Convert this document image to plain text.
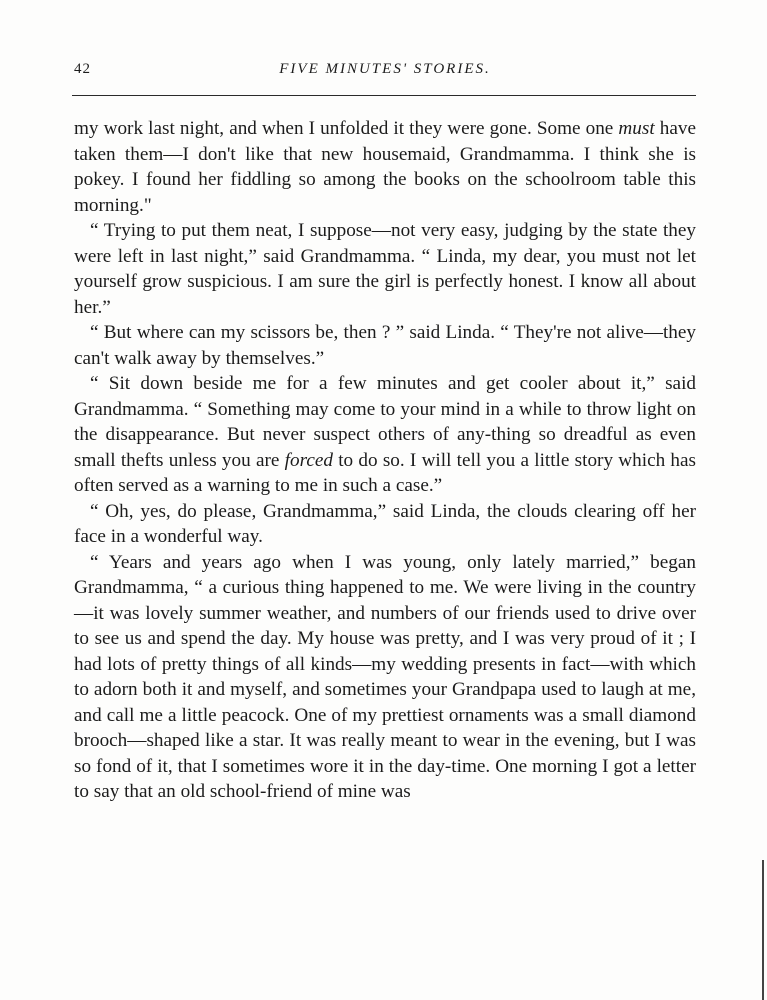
42	FIVE MINUTES' STORIES.

my work last night, and when I unfolded it they were gone. Some one must have taken them—I don't like that new housemaid, Grandmamma. I think she is pokey. I found her fiddling so among the books on the schoolroom table this morning."

“ Trying to put them neat, I suppose—not very easy, judging by the state they were left in last night,” said Grandmamma. “ Linda, my dear, you must not let yourself grow suspicious. I am sure the girl is perfectly honest. I know all about her.”

“ But where can my scissors be, then ? ” said Linda. “ They're not alive—they can't walk away by themselves.”

“ Sit down beside me for a few minutes and get cooler about it,” said Grandmamma. “ Something may come to your mind in a while to throw light on the disappearance. But never suspect others of any-thing so dreadful as even small thefts unless you are forced to do so. I will tell you a little story which has often served as a warning to me in such a case.”

“ Oh, yes, do please, Grandmamma,” said Linda, the clouds clearing off her face in a wonderful way.

“ Years and years ago when I was young, only lately married,” began Grandmamma, “ a curious thing happened to me. We were living in the country—it was lovely summer weather, and numbers of our friends used to drive over to see us and spend the day. My house was pretty, and I was very proud of it ; I had lots of pretty things of all kinds—my wedding presents in fact—with which to adorn both it and myself, and sometimes your Grandpapa used to laugh at me, and call me a little peacock. One of my prettiest ornaments was a small diamond brooch—shaped like a star. It was really meant to wear in the evening, but I was so fond of it, that I sometimes wore it in the day-time. One morning I got a letter to say that an old school-friend of mine was
